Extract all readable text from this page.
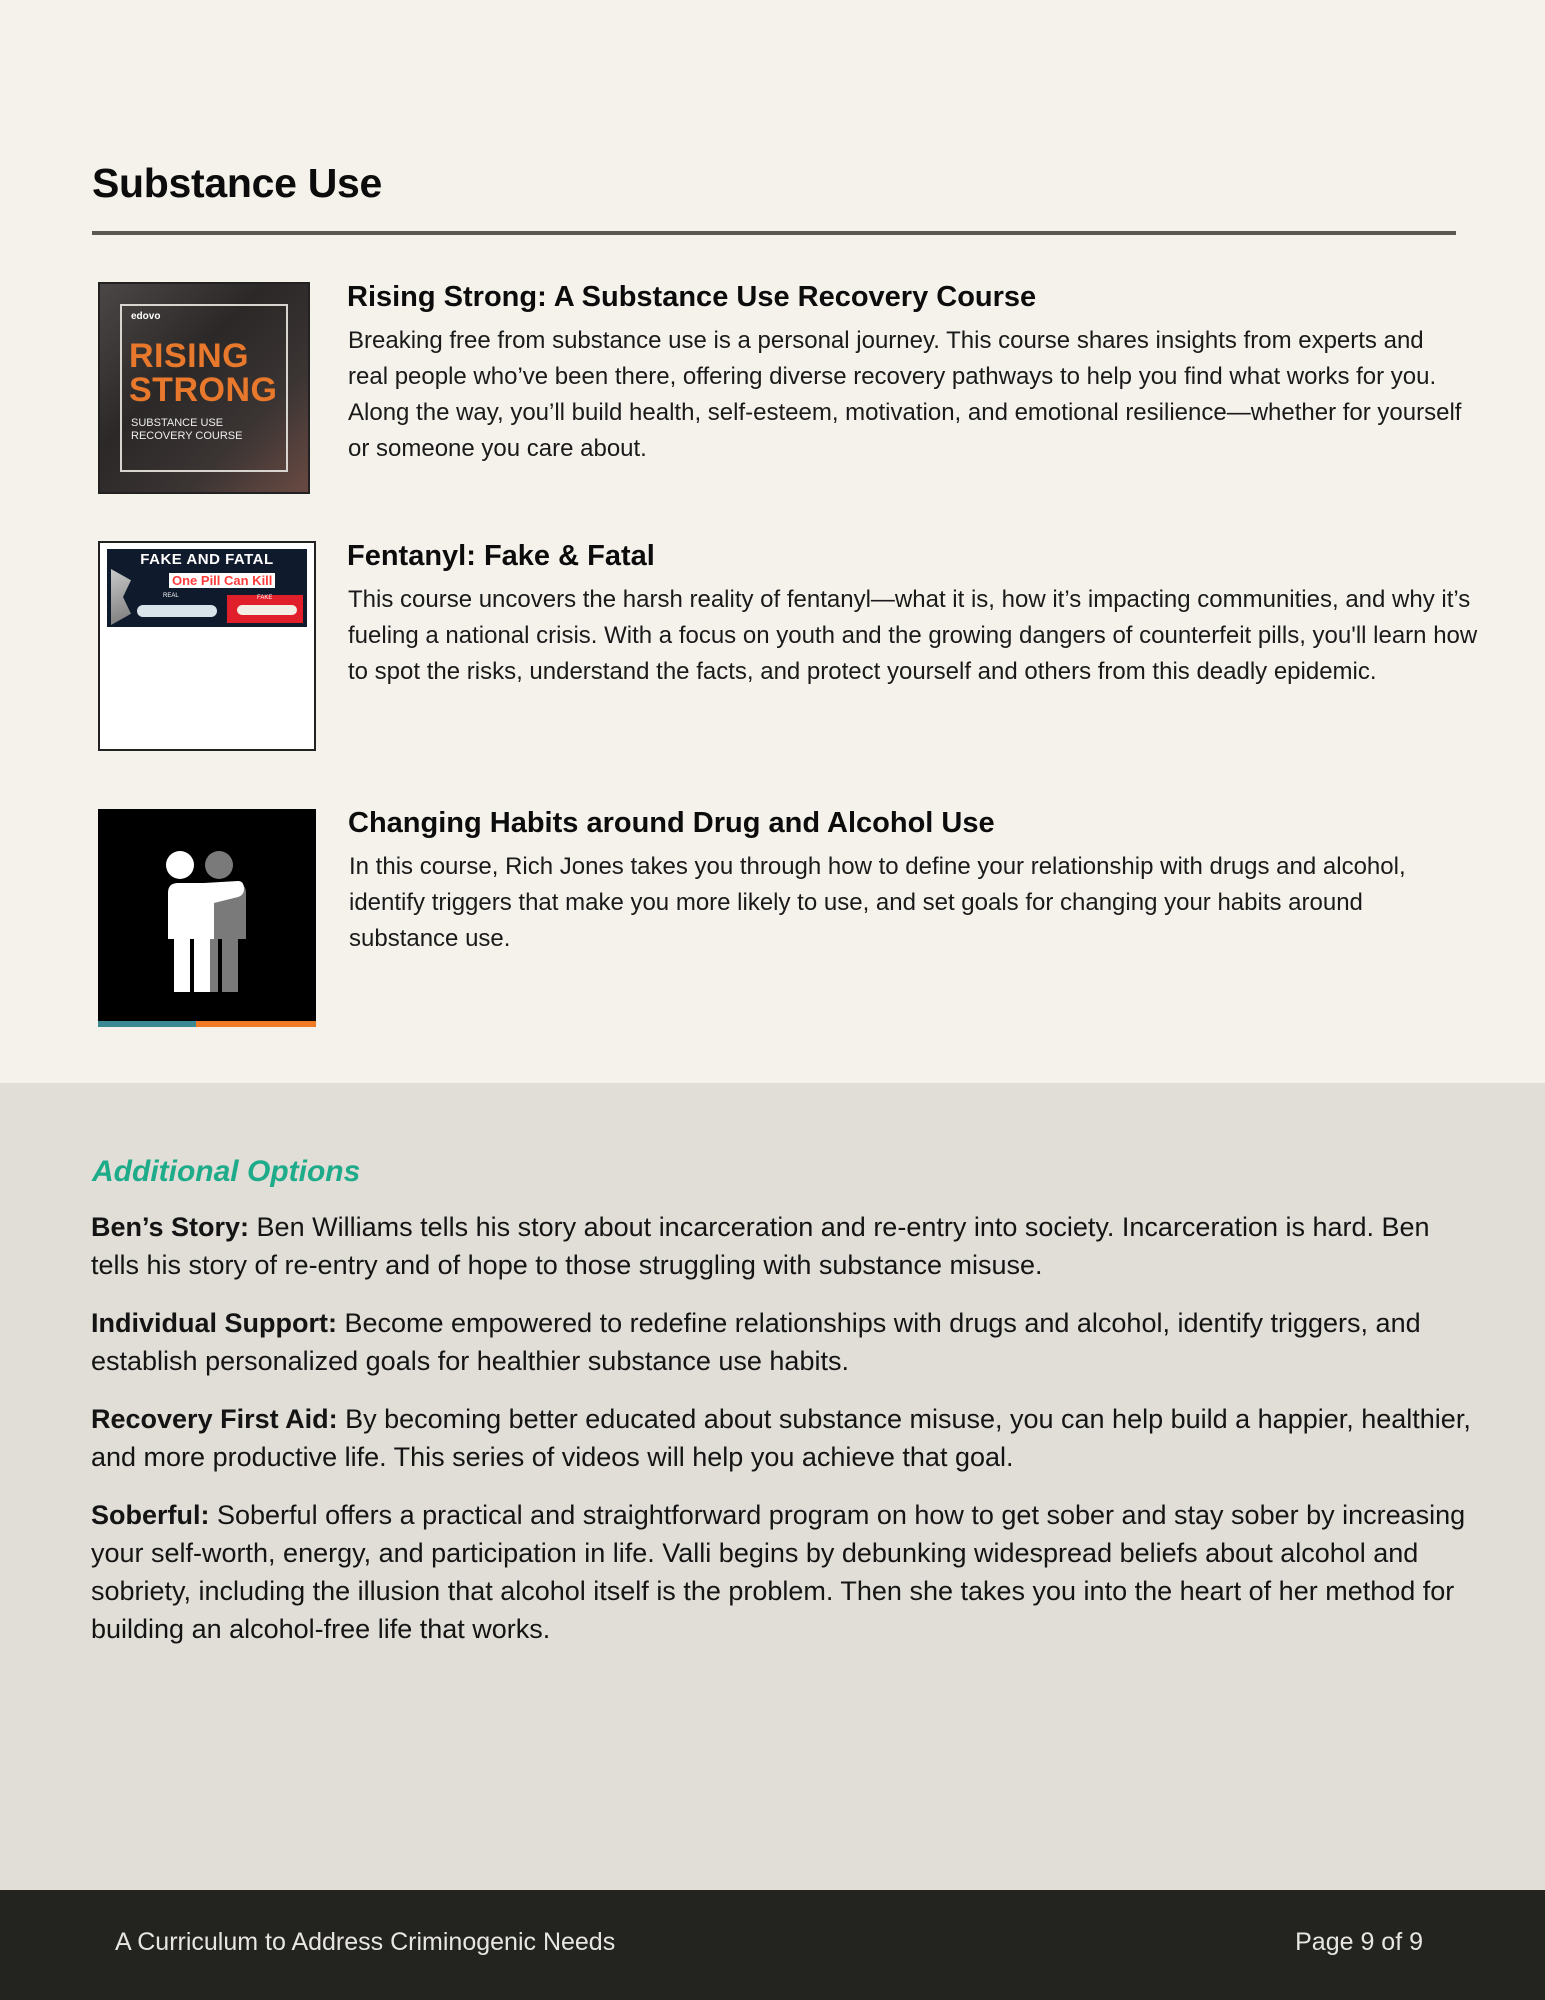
Substance Use
edovo
RISING
STRONG
SUBSTANCE USE
RECOVERY COURSE
Rising Strong: A Substance Use Recovery Course

Breaking free from substance use is a personal journey. This course shares insights from experts and real people who’ve been there, offering diverse recovery pathways to help you find what works for you. Along the way, you’ll build health, self-esteem, motivation, and emotional resilience—whether for yourself or someone you care about.

FAKE AND FATAL
One Pill Can Kill
REAL	FAKE
Fentanyl: Fake & Fatal

This course uncovers the harsh reality of fentanyl—what it is, how it’s impacting communities, and why it’s fueling a national crisis. With a focus on youth and the growing dangers of counterfeit pills, you'll learn how to spot the risks, understand the facts, and protect yourself and others from this deadly epidemic.

Changing Habits around Drug and Alcohol Use

In this course, Rich Jones takes you through how to define your relationship with drugs and alcohol, identify triggers that make you more likely to use, and set goals for changing your habits around substance use.

Additional Options

Ben’s Story: Ben Williams tells his story about incarceration and re-entry into society. Incarceration is hard. Ben tells his story of re-entry and of hope to those struggling with substance misuse.

Individual Support: Become empowered to redefine relationships with drugs and alcohol, identify triggers, and establish personalized goals for healthier substance use habits.

Recovery First Aid: By becoming better educated about substance misuse, you can help build a happier, healthier, and more productive life. This series of videos will help you achieve that goal.

Soberful: Soberful offers a practical and straightforward program on how to get sober and stay sober by increasing your self-worth, energy, and participation in life. Valli begins by debunking widespread beliefs about alcohol and sobriety, including the illusion that alcohol itself is the problem. Then she takes you into the heart of her method for building an alcohol-free life that works.

A Curriculum to Address Criminogenic Needs	Page 9 of 9
